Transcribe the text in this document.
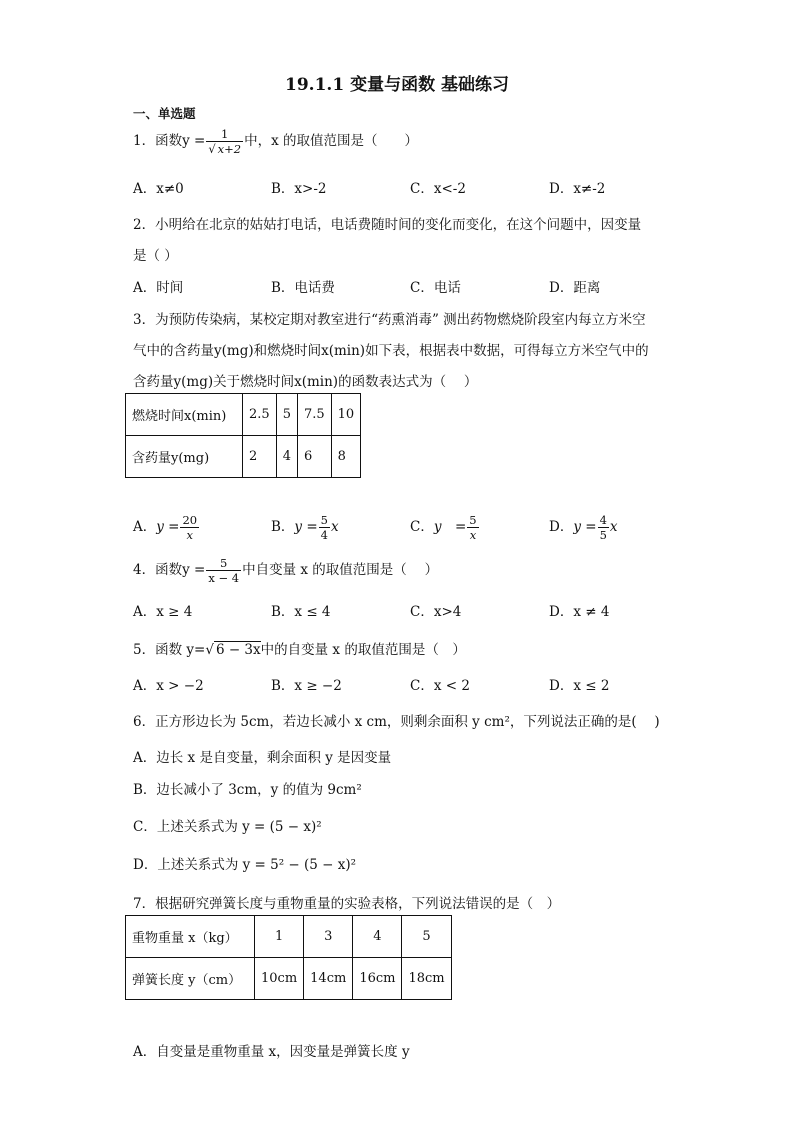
19.1.1 变量与函数 基础练习
一、单选题
1．函数$y = \frac{1}{√ x+2}$ 中，x 的取值范围是（　　）
A．x≠0	B．x>-2	C．x<-2	D．x≠-2
2．小明给在北京的姑姑打电话，电话费随时间的变化而变化，在这个问题中，因变量
是（ ）
A．时间	B．电话费	C．电话	D．距离
3．为预防传染病，某校定期对教室进行“药熏消毒” 测出药物燃烧阶段室内每立方米空
气中的含药量y(mg)和燃烧时间x(min)如下表，根据表中数据，可得每立方米空气中的
含药量y(mg)关于燃烧时间x(min)的函数表达式为（　 ）
燃烧时间x(min)	2.5	5	7.5	10
含药量y(mg)	2	4	6	8
A．$y = \frac{20}{x}$	B．$y = \frac{5}{4}$ x	C．y　= $\frac{5}{x}$	D．$y = \frac{4}{5}$ x
4．函数$y = \frac{5}{x - 4}$ 中自变量 x 的取值范围是（　 ）
A．x ≥ 4	B．x ≤ 4	C．x>4	D．x ≠ 4
5．函数 y=√ 6 − 3x中的自变量 x 的取值范围是（　）
A．x > −2	B．x ≥ −2	C．x < 2	D．x ≤ 2
6．正方形边长为 5cm，若边长减小 x cm，则剩余面积 y cm²，下列说法正确的是(　 )
A．边长 x 是自变量，剩余面积 y 是因变量
B．边长减小了 3cm，y 的值为 9cm²
C．上述关系式为 y = (5 − x)²
D．上述关系式为 y = 5² − (5 − x)²
7．根据研究弹簧长度与重物重量的实验表格，下列说法错误的是（　）
重物重量 x（kg）	1	3	4	5
弹簧长度 y（cm）	10cm	14cm	16cm	18cm
A．自变量是重物重量 x，因变量是弹簧长度 y
